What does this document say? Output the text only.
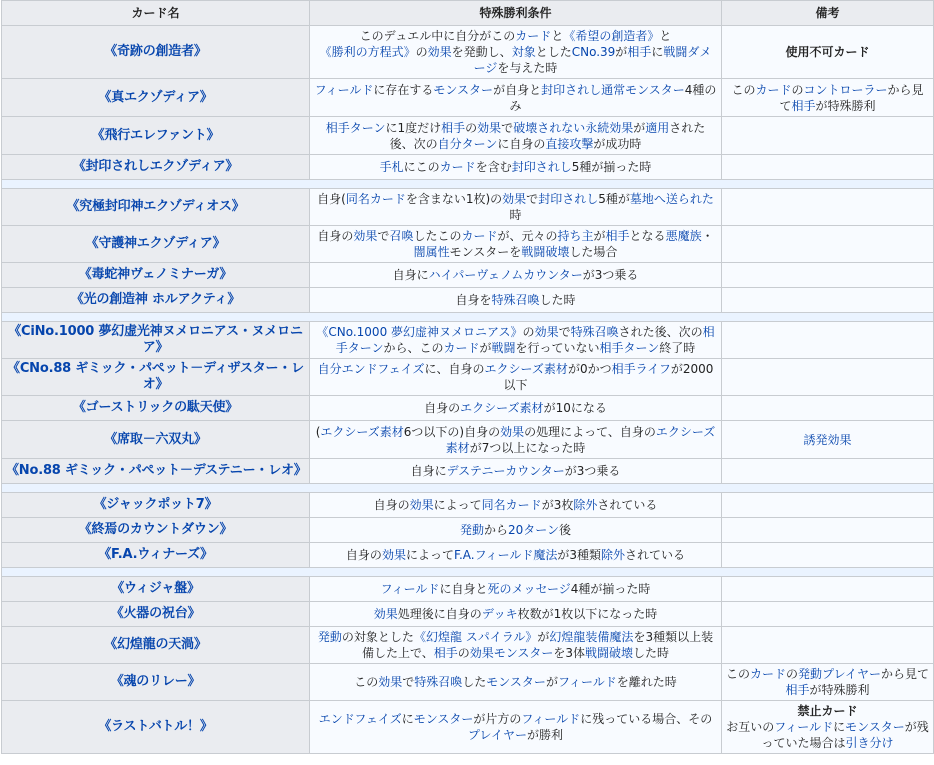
カード名	特殊勝利条件	備考
《奇跡の創造者》	このデュエル中に自分がこのカードと《希望の創造者》と《勝利の方程式》の効果を発動し、対象としたCNo.39が相手に戦闘ダメージを与えた時	使用不可カード
《真エクゾディア》	フィールドに存在するモンスターが自身と封印されし通常モンスター4種のみ	このカードのコントローラーから見て相手が特殊勝利
《飛行エレファント》	相手ターンに1度だけ相手の効果で破壊されない永続効果が適用された後、次の自分ターンに自身の直接攻撃が成功時	
《封印されしエクゾディア》	手札にこのカードを含む封印されし5種が揃った時	

《究極封印神エクゾディオス》	自身(同名カードを含まない1枚)の効果で封印されし5種が墓地へ送られた時	
《守護神エクゾディア》	自身の効果で召喚したこのカードが、元々の持ち主が相手となる悪魔族・闇属性モンスターを戦闘破壊した場合	
《毒蛇神ヴェノミナーガ》	自身にハイパーヴェノムカウンターが3つ乗る	
《光の創造神 ホルアクティ》	自身を特殊召喚した時	

《CiNo.1000 夢幻虚光神ヌメロニアス・ヌメロニア》	《CNo.1000 夢幻虚神ヌメロニアス》の効果で特殊召喚された後、次の相手ターンから、このカードが戦闘を行っていない相手ターン終了時	
《CNo.88 ギミック・パペット－ディザスター・レオ》	自分エンドフェイズに、自身のエクシーズ素材が0かつ相手ライフが2000以下	
《ゴーストリックの駄天使》	自身のエクシーズ素材が10になる	
《席取－六双丸》	(エクシーズ素材6つ以下の)自身の効果の処理によって、自身のエクシーズ素材が7つ以上になった時	誘発効果
《No.88 ギミック・パペット－デステニー・レオ》	自身にデステニーカウンターが3つ乗る	

《ジャックポット7》	自身の効果によって同名カードが3枚除外されている	
《終焉のカウントダウン》	発動から20ターン後	
《F.A.ウィナーズ》	自身の効果によってF.A.フィールド魔法が3種類除外されている	

《ウィジャ盤》	フィールドに自身と死のメッセージ4種が揃った時	
《火器の祝台》	効果処理後に自身のデッキ枚数が1枚以下になった時	
《幻煌龍の天渦》	発動の対象とした《幻煌龍 スパイラル》が幻煌龍装備魔法を3種類以上装備した上で、相手の効果モンスターを3体戦闘破壊した時	
《魂のリレー》	この効果で特殊召喚したモンスターがフィールドを離れた時	このカードの発動プレイヤーから見て相手が特殊勝利
《ラストバトル！》	エンドフェイズにモンスターが片方のフィールドに残っている場合、そのプレイヤーが勝利	禁止カード
お互いのフィールドにモンスターが残っていた場合は引き分け
